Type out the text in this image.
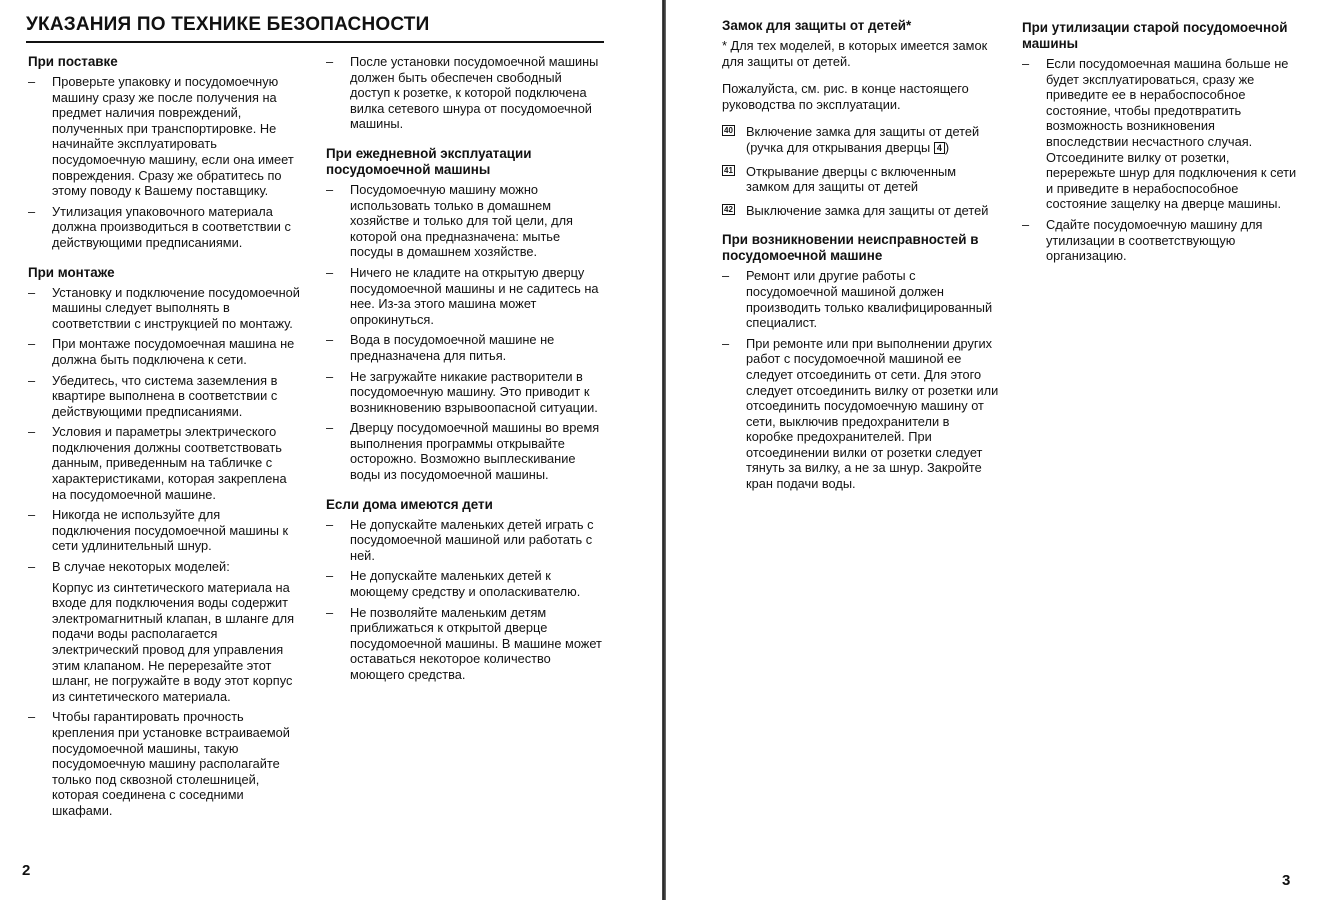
УКАЗАНИЯ ПО ТЕХНИКЕ БЕЗОПАСНОСТИ
При поставке
– Проверьте упаковку и посудомоечную машину сразу же после получения на предмет наличия повреждений, полученных при транспортировке. Не начинайте эксплуатировать посудомоечную машину, если она имеет повреждения. Сразу же обратитесь по этому поводу к Вашему поставщику.
– Утилизация упаковочного материала должна производиться в соответствии с действующими предписаниями.
При монтаже
– Установку и подключение посудомоечной машины следует выполнять в соответствии с инструкцией по монтажу.
– При монтаже посудомоечная машина не должна быть подключена к сети.
– Убедитесь, что система заземления в квартире выполнена в соответствии с действующими предписаниями.
– Условия и параметры электрического подключения должны соответствовать данным, приведенным на табличке с характеристиками, которая закреплена на посудомоечной машине.
– Никогда не используйте для подключения посудомоечной машины к сети удлинительный шнур.
– В случае некоторых моделей:
Корпус из синтетического материала на входе для подключения воды содержит электромагнитный клапан, в шланге для подачи воды располагается электрический провод для управления этим клапаном. Не перерезайте этот шланг, не погружайте в воду этот корпус из синтетического материала.
– Чтобы гарантировать прочность крепления при установке встраиваемой посудомоечной машины, такую посудомоечную машину располагайте только под сквозной столешницей, которая соединена с соседними шкафами.
– После установки посудомоечной машины должен быть обеспечен свободный доступ к розетке, к которой подключена вилка сетевого шнура от посудомоечной машины.
При ежедневной эксплуатации посудомоечной машины
– Посудомоечную машину можно использовать только в домашнем хозяйстве и только для той цели, для которой она предназначена: мытье посуды в домашнем хозяйстве.
– Ничего не кладите на открытую дверцу посудомоечной машины и не садитесь на нее. Из-за этого машина может опрокинуться.
– Вода в посудомоечной машине не предназначена для питья.
– Не загружайте никакие растворители в посудомоечную машину. Это приводит к возникновению взрывоопасной ситуации.
– Дверцу посудомоечной машины во время выполнения программы открывайте осторожно. Возможно выплескивание воды из посудомоечной машины.
Если дома имеются дети
– Не допускайте маленьких детей играть с посудомоечной машиной или работать с ней.
– Не допускайте маленьких детей к моющему средству и ополаскивателю.
– Не позволяйте маленьким детям приближаться к открытой дверце посудомоечной машины. В машине может оставаться некоторое количество моющего средства.
2
Замок для защиты от детей*
* Для тех моделей, в которых имеется замок для защиты от детей.
Пожалуйста, см. рис. в конце настоящего руководства по эксплуатации.
40 Включение замка для защиты от детей (ручка для открывания дверцы 4 )
41 Открывание дверцы с включенным замком для защиты от детей
42 Выключение замка для защиты от детей
При возникновении неисправностей в посудомоечной машине
– Ремонт или другие работы с посудомоечной машиной должен производить только квалифицированный специалист.
– При ремонте или при выполнении других работ с посудомоечной машиной ее следует отсоединить от сети. Для этого следует отсоединить вилку от розетки или отсоединить посудомоечную машину от сети, выключив предохранители в коробке предохранителей. При отсоединении вилки от розетки следует тянуть за вилку, а не за шнур. Закройте кран подачи воды.
При утилизации старой посудомоечной машины
– Если посудомоечная машина больше не будет эксплуатироваться, сразу же приведите ее в нерабоспособное состояние, чтобы предотвратить возможность возникновения впоследствии несчастного случая. Отсоедините вилку от розетки, перережьте шнур для подключения к сети и приведите в нерабоспособное состояние защелку на дверце машины.
– Сдайте посудомоечную машину для утилизации в соответствующую организацию.
3
